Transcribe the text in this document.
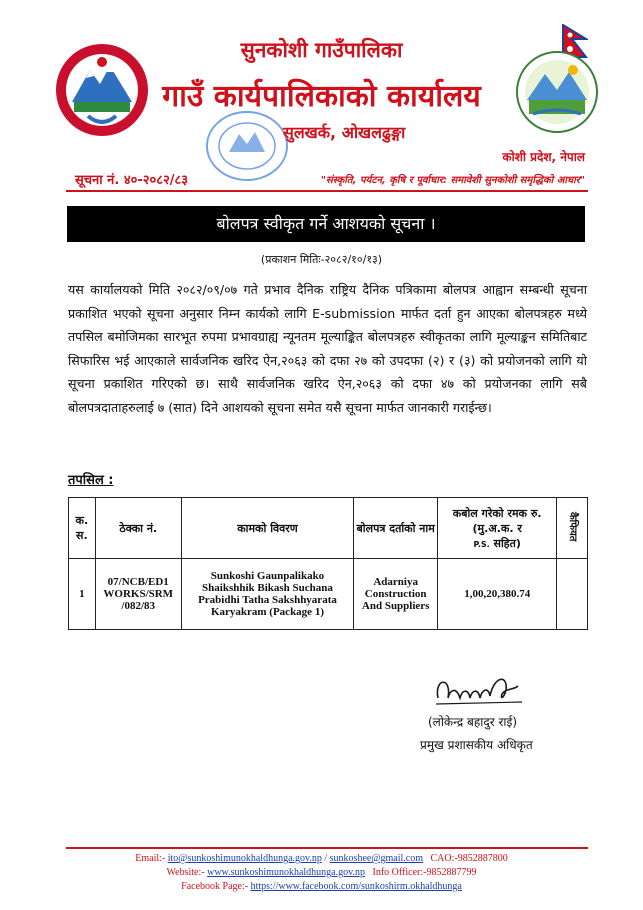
सुनकोशी गाउँपालिका
गाउँ कार्यपालिकाको कार्यालय
सुलखर्क, ओखलढुङ्गा
कोशी प्रदेश, नेपाल
सूचना नं. ४०-२०८२/८३	"संस्कृति, पर्यटन, कृषि र पूर्वाधार: समावेशी सुनकोशी समृद्धिको आधार"
बोलपत्र स्वीकृत गर्ने आशयको सूचना ।
(प्रकाशन मितिः-२०८२/१०/१३)
यस कार्यालयको मिति २०८२/०९/०७ गते प्रभाव दैनिक राष्ट्रिय दैनिक पत्रिकामा बोलपत्र आह्वान सम्बन्धी सूचना प्रकाशित भएको सूचना अनुसार निम्न कार्यको लागि E-submission मार्फत दर्ता हुन आएका बोलपत्रहरु मध्ये तपसिल बमोजिमका सारभूत रुपमा प्रभावग्राह्य न्यूनतम मूल्याङ्कित बोलपत्रहरु स्वीकृतका लागि मूल्याङ्कन समितिबाट सिफारिस भई आएकाले सार्वजनिक खरिद ऐन,२०६३ को दफा २७ को उपदफा (२) र (३) को प्रयोजनको लागि यो सूचना प्रकाशित गरिएको छ। साथै सार्वजनिक खरिद ऐन,२०६३ को दफा ४७ को प्रयोजनका लागि सबै बोलपत्रदाताहरुलाई ७ (सात) दिने आशयको सूचना समेत यसै सूचना मार्फत जानकारी गराईन्छ।
तपसिल :
क. स.	ठेक्का नं.	कामको विवरण	बोलपत्र दर्ताको नाम	कबोल गरेको रमक रु. (मु.अ.क. र
P.S. सहित)	कैफियत
1	07/NCB/ED1 WORKS/SRM /082/83	Sunkoshi Gaunpalikako Shaikshhik Bikash Suchana Prabidhi Tatha Sakshhyarata Karyakram (Package 1)	Adarniya Construction And Suppliers	1,00,20,380.74	
(लोकेन्द्र बहादुर राई)
प्रमुख प्रशासकीय अधिकृत
Email:- ito@sunkoshimunokhaldhunga.gov.np / sunkoshee@gmail.com CAO:-9852887800
Website:- www.sunkoshimunokhaldhunga.gov.np Info Officer:-9852887799
Facebook Page:- https://www.facebook.com/sunkoshirm.okhaldhunga
